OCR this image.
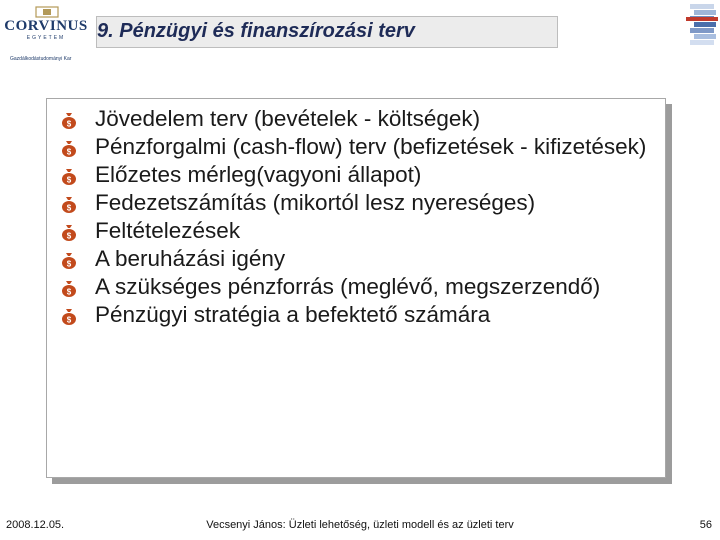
CORVINUS
EGYETEM
Gazdálkodástudományi Kar
9. Pénzügyi és finanszírozási terv
$ Jövedelem terv (bevételek - költségek)
$ Pénzforgalmi (cash-flow) terv (befizetések - kifizetések)
$ Előzetes mérleg(vagyoni állapot)
$ Fedezetszámítás (mikortól lesz nyereséges)
$ Feltételezések
$ A beruházási igény
$ A szükséges pénzforrás (meglévő, megszerzendő)
$ Pénzügyi stratégia a befektető számára
2008.12.05.	Vecsenyi János: Üzleti lehetőség, üzleti modell és az üzleti terv	56
